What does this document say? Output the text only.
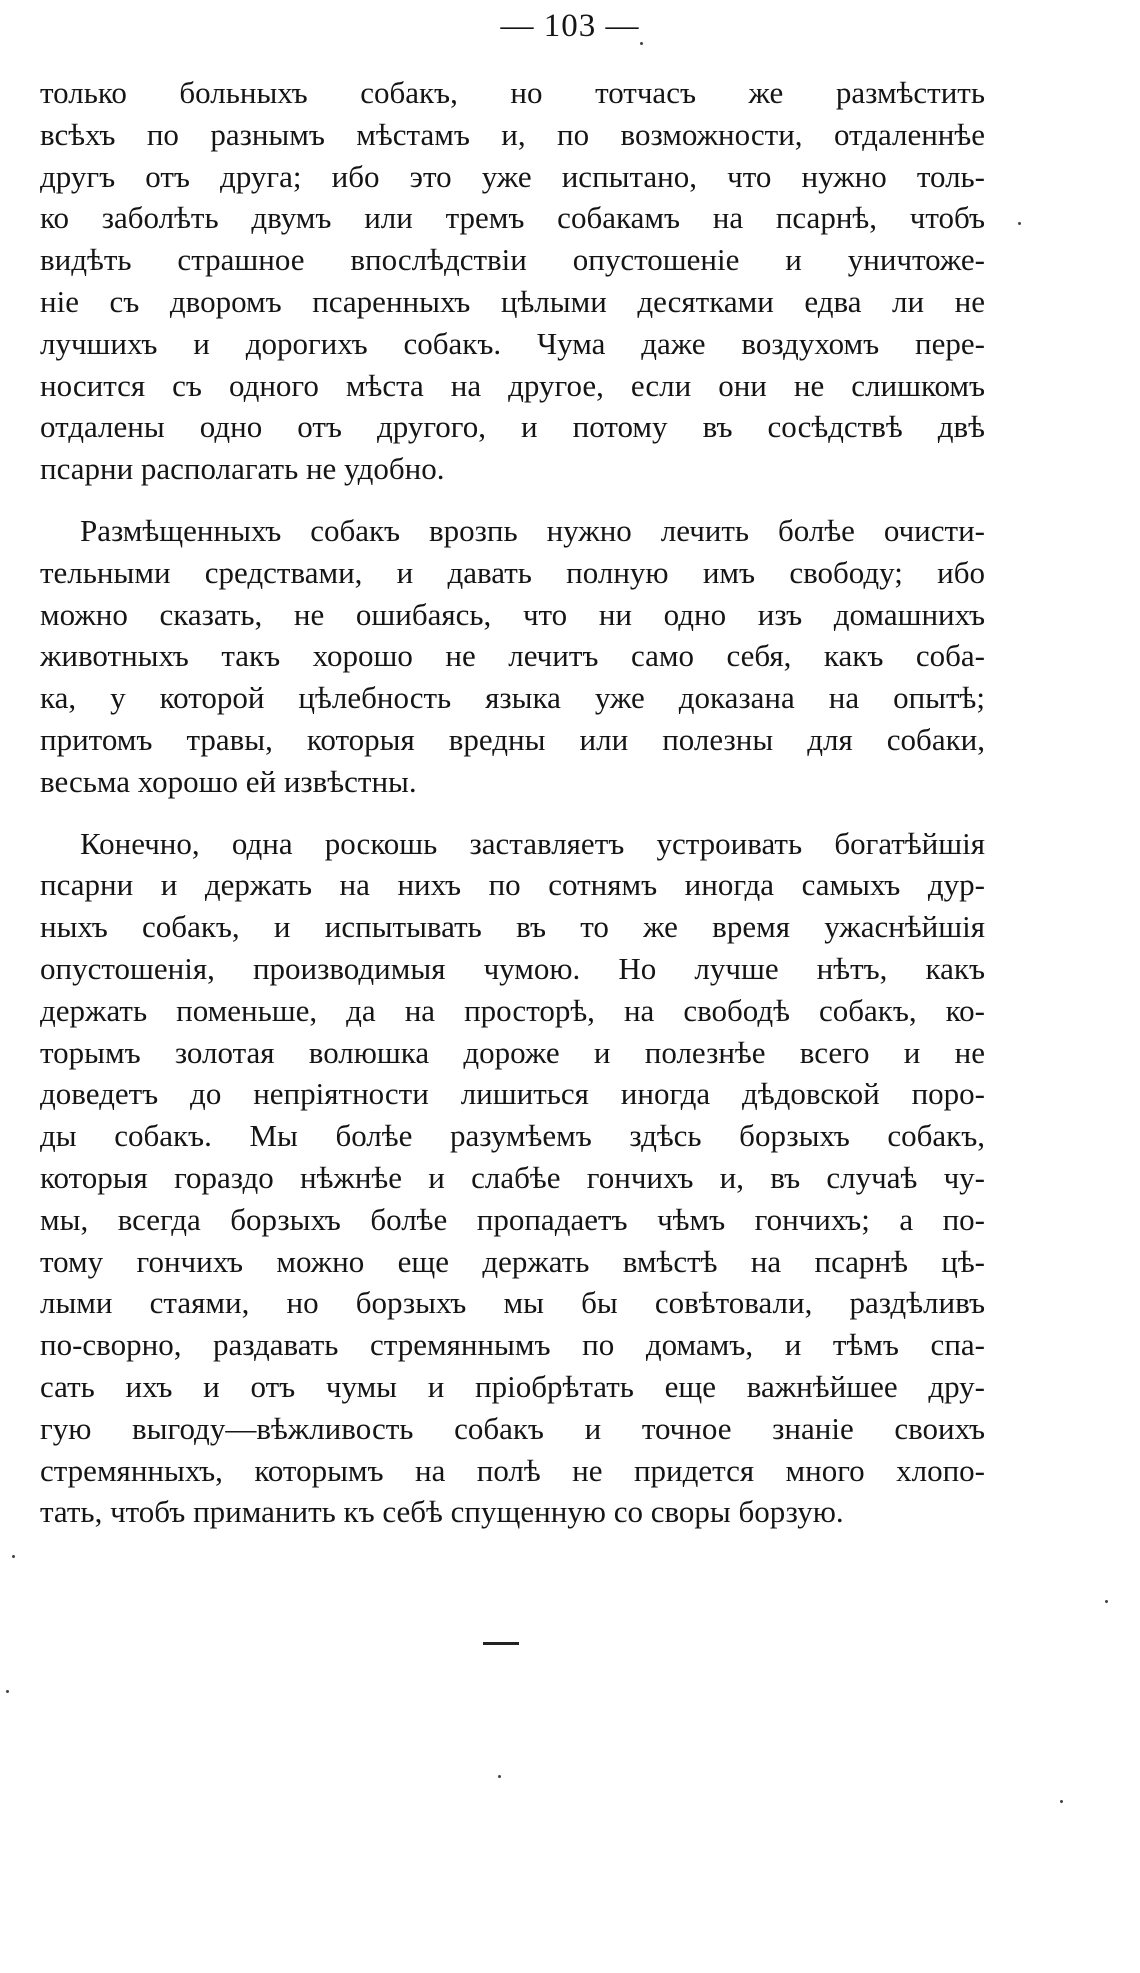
— 103 —
только больныхъ собакъ, но тотчасъ же размѣстить
всѣхъ по разнымъ мѣстамъ и, по возможности, отдаленнѣе
другъ отъ друга; ибо это уже испытано, что нужно толь-
ко заболѣть двумъ или тремъ собакамъ на псарнѣ, чтобъ
видѣть страшное впослѣдствіи опустошеніе и уничтоже-
ніе съ дворомъ псаренныхъ цѣлыми десятками едва ли не
лучшихъ и дорогихъ собакъ. Чума даже воздухомъ пере-
носится съ одного мѣста на другое, если они не слишкомъ
отдалены одно отъ другого, и потому въ сосѣдствѣ двѣ
псарни располагать не удобно.
Размѣщенныхъ собакъ врозпь нужно лечить болѣе очисти-
тельными средствами, и давать полную имъ свободу; ибо
можно сказать, не ошибаясь, что ни одно изъ домашнихъ
животныхъ такъ хорошо не лечитъ само себя, какъ соба-
ка, у которой цѣлебность языка уже доказана на опытѣ;
притомъ травы, которыя вредны или полезны для собаки,
весьма хорошо ей извѣстны.
Конечно, одна роскошь заставляетъ устроивать богатѣйшія
псарни и держать на нихъ по сотнямъ иногда самыхъ дур-
ныхъ собакъ, и испытывать въ то же время ужаснѣйшія
опустошенія, производимыя чумою. Но лучше нѣтъ, какъ
держать поменьше, да на просторѣ, на свободѣ собакъ, ко-
торымъ золотая волюшка дороже и полезнѣе всего и не
доведетъ до непріятности лишиться иногда дѣдовской поро-
ды собакъ. Мы болѣе разумѣемъ здѣсь борзыхъ собакъ,
которыя гораздо нѣжнѣе и слабѣе гончихъ и, въ случаѣ чу-
мы, всегда борзыхъ болѣе пропадаетъ чѣмъ гончихъ; а по-
тому гончихъ можно еще держать вмѣстѣ на псарнѣ цѣ-
лыми стаями, но борзыхъ мы бы совѣтовали, раздѣливъ
по-сворно, раздавать стремяннымъ по домамъ, и тѣмъ спа-
сать ихъ и отъ чумы и пріобрѣтать еще важнѣйшее дру-
гую выгоду—вѣжливость собакъ и точное знаніе своихъ
стремянныхъ, которымъ на полѣ не придется много хлопо-
тать, чтобъ приманить къ себѣ спущенную со своры борзую.
